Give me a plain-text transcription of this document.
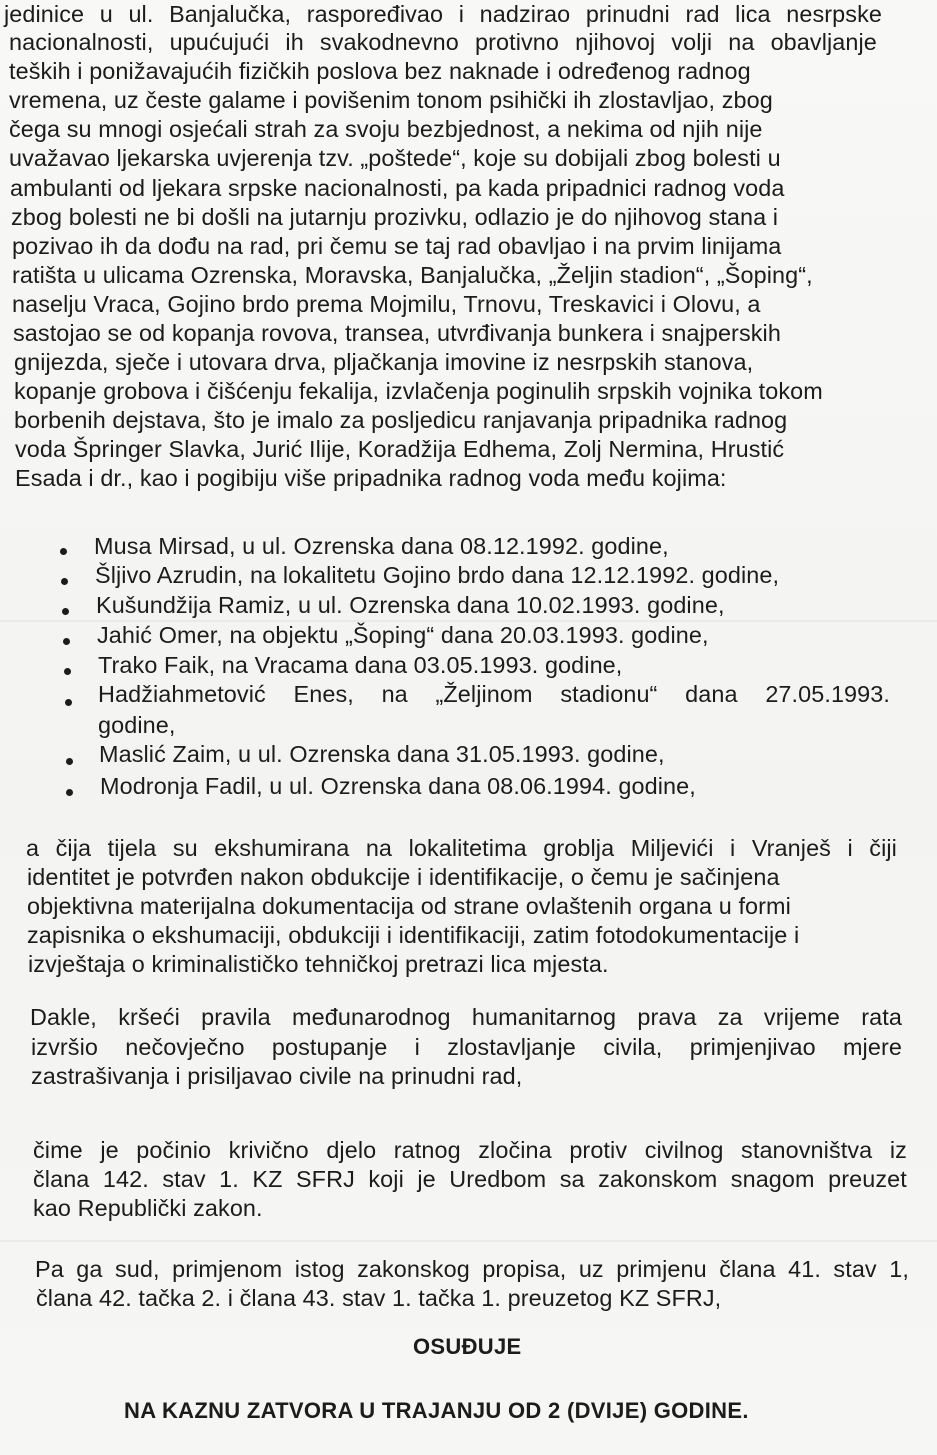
jedinice u ul. Banjalučka, raspoređivao i nadzirao prinudni rad lica nesrpske
nacionalnosti, upućujući ih svakodnevno protivno njihovoj volji na obavljanje
teških i ponižavajućih fizičkih poslova bez naknade i određenog radnog
vremena, uz česte galame i povišenim tonom psihički ih zlostavljao, zbog
čega su mnogi osjećali strah za svoju bezbjednost, a nekima od njih nije
uvažavao ljekarska uvjerenja tzv. „poštede“, koje su dobijali zbog bolesti u
ambulanti od ljekara srpske nacionalnosti, pa kada pripadnici radnog voda
zbog bolesti ne bi došli na jutarnju prozivku, odlazio je do njihovog stana i
pozivao ih da dođu na rad, pri čemu se taj rad obavljao i na prvim linijama
ratišta u ulicama Ozrenska, Moravska, Banjalučka, „Željin stadion“, „Šoping“,
naselju Vraca, Gojino brdo prema Mojmilu, Trnovu, Treskavici i Olovu, a
sastojao se od kopanja rovova, transea, utvrđivanja bunkera i snajperskih
gnijezda, sječe i utovara drva, pljačkanja imovine iz nesrpskih stanova,
kopanje grobova i čišćenju fekalija, izvlačenja poginulih srpskih vojnika tokom
borbenih dejstava, što je imalo za posljedicu ranjavanja pripadnika radnog
voda Špringer Slavka, Jurić Ilije, Koradžija Edhema, Zolj Nermina, Hrustić
Esada i dr., kao i pogibiju više pripadnika radnog voda među kojima:
Musa Mirsad, u ul. Ozrenska dana 08.12.1992. godine,
Šljivo Azrudin, na lokalitetu Gojino brdo dana 12.12.1992. godine,
Kušundžija Ramiz, u ul. Ozrenska dana 10.02.1993. godine,
Jahić Omer, na objektu „Šoping“ dana 20.03.1993. godine,
Trako Faik, na Vracama dana 03.05.1993. godine,
Hadžiahmetović Enes, na „Željinom stadionu“ dana 27.05.1993.
godine,
Maslić Zaim, u ul. Ozrenska dana 31.05.1993. godine,
Modronja Fadil, u ul. Ozrenska dana 08.06.1994. godine,
a čija tijela su ekshumirana na lokalitetima groblja Miljevići i Vranješ i čiji
identitet je potvrđen nakon obdukcije i identifikacije, o čemu je sačinjena
objektivna materijalna dokumentacija od strane ovlaštenih organa u formi
zapisnika o ekshumaciji, obdukciji i identifikaciji, zatim fotodokumentacije i
izvještaja o kriminalističko tehničkoj pretrazi lica mjesta.
Dakle, kršeći pravila međunarodnog humanitarnog prava za vrijeme rata
izvršio nečovječno postupanje i zlostavljanje civila, primjenjivao mjere
zastrašivanja i prisiljavao civile na prinudni rad,
čime je počinio krivično djelo ratnog zločina protiv civilnog stanovništva iz
člana 142. stav 1. KZ SFRJ koji je Uredbom sa zakonskom snagom preuzet
kao Republički zakon.
Pa ga sud, primjenom istog zakonskog propisa, uz primjenu člana 41. stav 1,
člana 42. tačka 2. i člana 43. stav 1. tačka 1. preuzetog KZ SFRJ,
OSUĐUJE
NA KAZNU ZATVORA U TRAJANJU OD 2 (DVIJE) GODINE.
